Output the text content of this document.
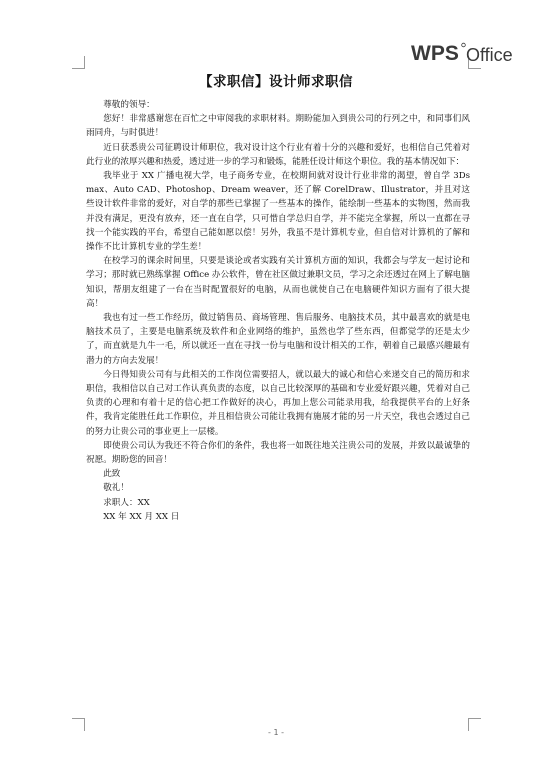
WPS Office
【求职信】设计师求职信

尊敬的领导：

您好！非常感谢您在百忙之中审阅我的求职材料。期盼能加入到贵公司的行列之中，和同事们风雨同舟，与时俱进！

近日获悉贵公司征聘设计师职位，我对设计这个行业有着十分的兴趣和爱好，也相信自己凭着对此行业的浓厚兴趣和热爱，透过进一步的学习和锻炼，能胜任设计师这个职位。我的基本情况如下：

我毕业于 XX 广播电视大学，电子商务专业，在校期间就对设计行业非常的渴望，曾自学 3Ds max、Auto CAD、Photoshop、Dream weaver，还了解 CorelDraw、Illustrator，并且对这些设计软件非常的爱好，对自学的那些已掌握了一些基本的操作，能绘制一些基本的实物图，然而我并没有满足，更没有放弃，还一直在自学，只可惜自学总归自学，并不能完全掌握，所以一直都在寻找一个能实践的平台，希望自己能如愿以偿！另外，我虽不是计算机专业，但自信对计算机的了解和操作不比计算机专业的学生差！

在校学习的课余时间里，只要是谈论或者实践有关计算机方面的知识，我都会与学友一起讨论和学习；那时就已熟练掌握 Office 办公软件，曾在社区做过兼职文员，学习之余还透过在网上了解电脑知识，帮朋友组建了一台在当时配置很好的电脑，从而也就使自己在电脑硬件知识方面有了很大提高！

我也有过一些工作经历，做过销售员、商场管理、售后服务、电脑技术员，其中最喜欢的就是电脑技术员了，主要是电脑系统及软件和企业网络的维护，虽然也学了些东西，但都觉学的还是太少了，而直就是九牛一毛，所以就还一直在寻找一份与电脑和设计相关的工作，朝着自己最感兴趣最有潜力的方向去发展！

今日得知贵公司有与此相关的工作岗位需要招人，就以最大的诚心和信心来递交自己的简历和求职信，我相信以自己对工作认真负责的态度，以自己比较深厚的基础和专业爱好跟兴趣，凭着对自己负责的心理和有着十足的信心把工作做好的决心，再加上您公司能录用我，给我提供平台的上好条件，我肯定能胜任此工作职位，并且相信贵公司能让我拥有施展才能的另一片天空，我也会透过自己的努力让贵公司的事业更上一层楼。

即使贵公司认为我还不符合你们的条件，我也将一如既往地关注贵公司的发展，并致以最诚挚的祝愿。期盼您的回音！

此致

敬礼！

求职人：XX

XX 年 XX 月 XX 日

- 1 -
